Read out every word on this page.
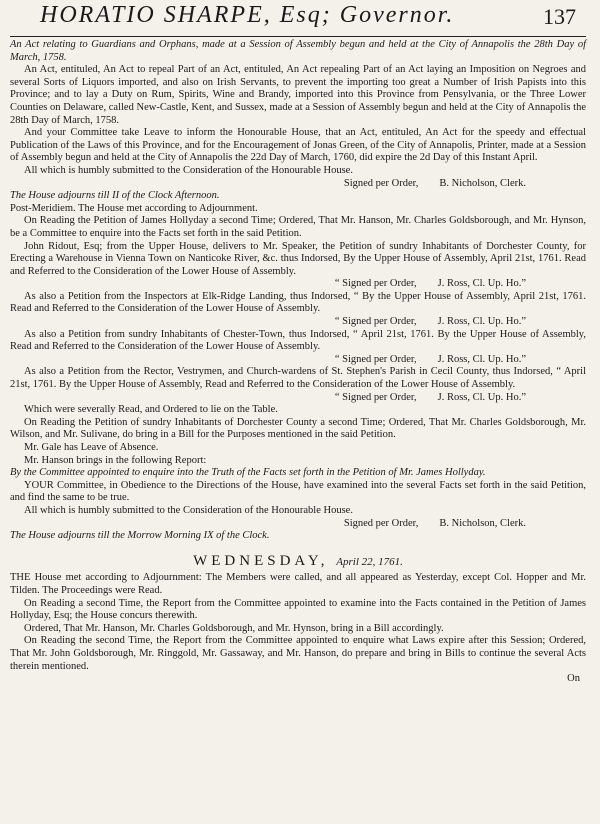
HORATIO SHARPE, Esq; Governor.	137

An Act relating to Guardians and Orphans, made at a Session of Assembly begun and held at the City of Annapolis the 28th Day of March, 1758.

An Act, entituled, An Act to repeal Part of an Act, entituled, An Act repealing Part of an Act laying an Imposition on Negroes and several Sorts of Liquors imported, and also on Irish Servants, to prevent the importing too great a Number of Irish Papists into this Province; and to lay a Duty on Rum, Spirits, Wine and Brandy, imported into this Province from Pensylvania, or the Three Lower Counties on Delaware, called New-Castle, Kent, and Sussex, made at a Session of Assembly begun and held at the City of Annapolis the 28th Day of March, 1758.

And your Committee take Leave to inform the Honourable House, that an Act, entituled, An Act for the speedy and effectual Publication of the Laws of this Province, and for the Encouragement of Jonas Green, of the City of Annapolis, Printer, made at a Session of Assembly begun and held at the City of Annapolis the 22d Day of March, 1760, did expire the 2d Day of this Instant April.

All which is humbly submitted to the Consideration of the Honourable House.

Signed per Order,        B. Nicholson, Clerk.

The House adjourns till II of the Clock Afternoon.

Post-Meridiem. The House met according to Adjournment.

On Reading the Petition of James Hollyday a second Time; Ordered, That Mr. Hanson, Mr. Charles Goldsborough, and Mr. Hynson, be a Committee to enquire into the Facts set forth in the said Petition.

John Ridout, Esq; from the Upper House, delivers to Mr. Speaker, the Petition of sundry Inhabitants of Dorchester County, for Erecting a Warehouse in Vienna Town on Nanticoke River, &c. thus Indorsed, By the Upper House of Assembly, April 21st, 1761. Read and Referred to the Consideration of the Lower House of Assembly.

“ Signed per Order,        J. Ross, Cl. Up. Ho.”

As also a Petition from the Inspectors at Elk-Ridge Landing, thus Indorsed, “ By the Upper House of Assembly, April 21st, 1761. Read and Referred to the Consideration of the Lower House of Assembly.

“ Signed per Order,        J. Ross, Cl. Up. Ho.”

As also a Petition from sundry Inhabitants of Chester-Town, thus Indorsed, “ April 21st, 1761. By the Upper House of Assembly, Read and Referred to the Consideration of the Lower House of Assembly.

“ Signed per Order,        J. Ross, Cl. Up. Ho.”

As also a Petition from the Rector, Vestrymen, and Church-wardens of St. Stephen's Parish in Cecil County, thus Indorsed, “ April 21st, 1761. By the Upper House of Assembly, Read and Referred to the Consideration of the Lower House of Assembly.

“ Signed per Order,        J. Ross, Cl. Up. Ho.”

Which were severally Read, and Ordered to lie on the Table.

On Reading the Petition of sundry Inhabitants of Dorchester County a second Time; Ordered, That Mr. Charles Goldsborough, Mr. Wilson, and Mr. Sulivane, do bring in a Bill for the Purposes mentioned in the said Petition.

Mr. Gale has Leave of Absence.

Mr. Hanson brings in the following Report:

By the Committee appointed to enquire into the Truth of the Facts set forth in the Petition of Mr. James Hollyday.

YOUR Committee, in Obedience to the Directions of the House, have examined into the several Facts set forth in the said Petition, and find the same to be true.

All which is humbly submitted to the Consideration of the Honourable House.

Signed per Order,        B. Nicholson, Clerk.

The House adjourns till the Morrow Morning IX of the Clock.

WEDNESDAY, April 22, 1761.

THE House met according to Adjournment: The Members were called, and all appeared as Yesterday, except Col. Hopper and Mr. Tilden. The Proceedings were Read.

On Reading a second Time, the Report from the Committee appointed to examine into the Facts contained in the Petition of James Hollyday, Esq; the House concurs therewith.

Ordered, That Mr. Hanson, Mr. Charles Goldsborough, and Mr. Hynson, bring in a Bill accordingly.

On Reading the second Time, the Report from the Committee appointed to enquire what Laws expire after this Session; Ordered, That Mr. John Goldsborough, Mr. Ringgold, Mr. Gassaway, and Mr. Hanson, do prepare and bring in Bills to continue the several Acts therein mentioned.

On
